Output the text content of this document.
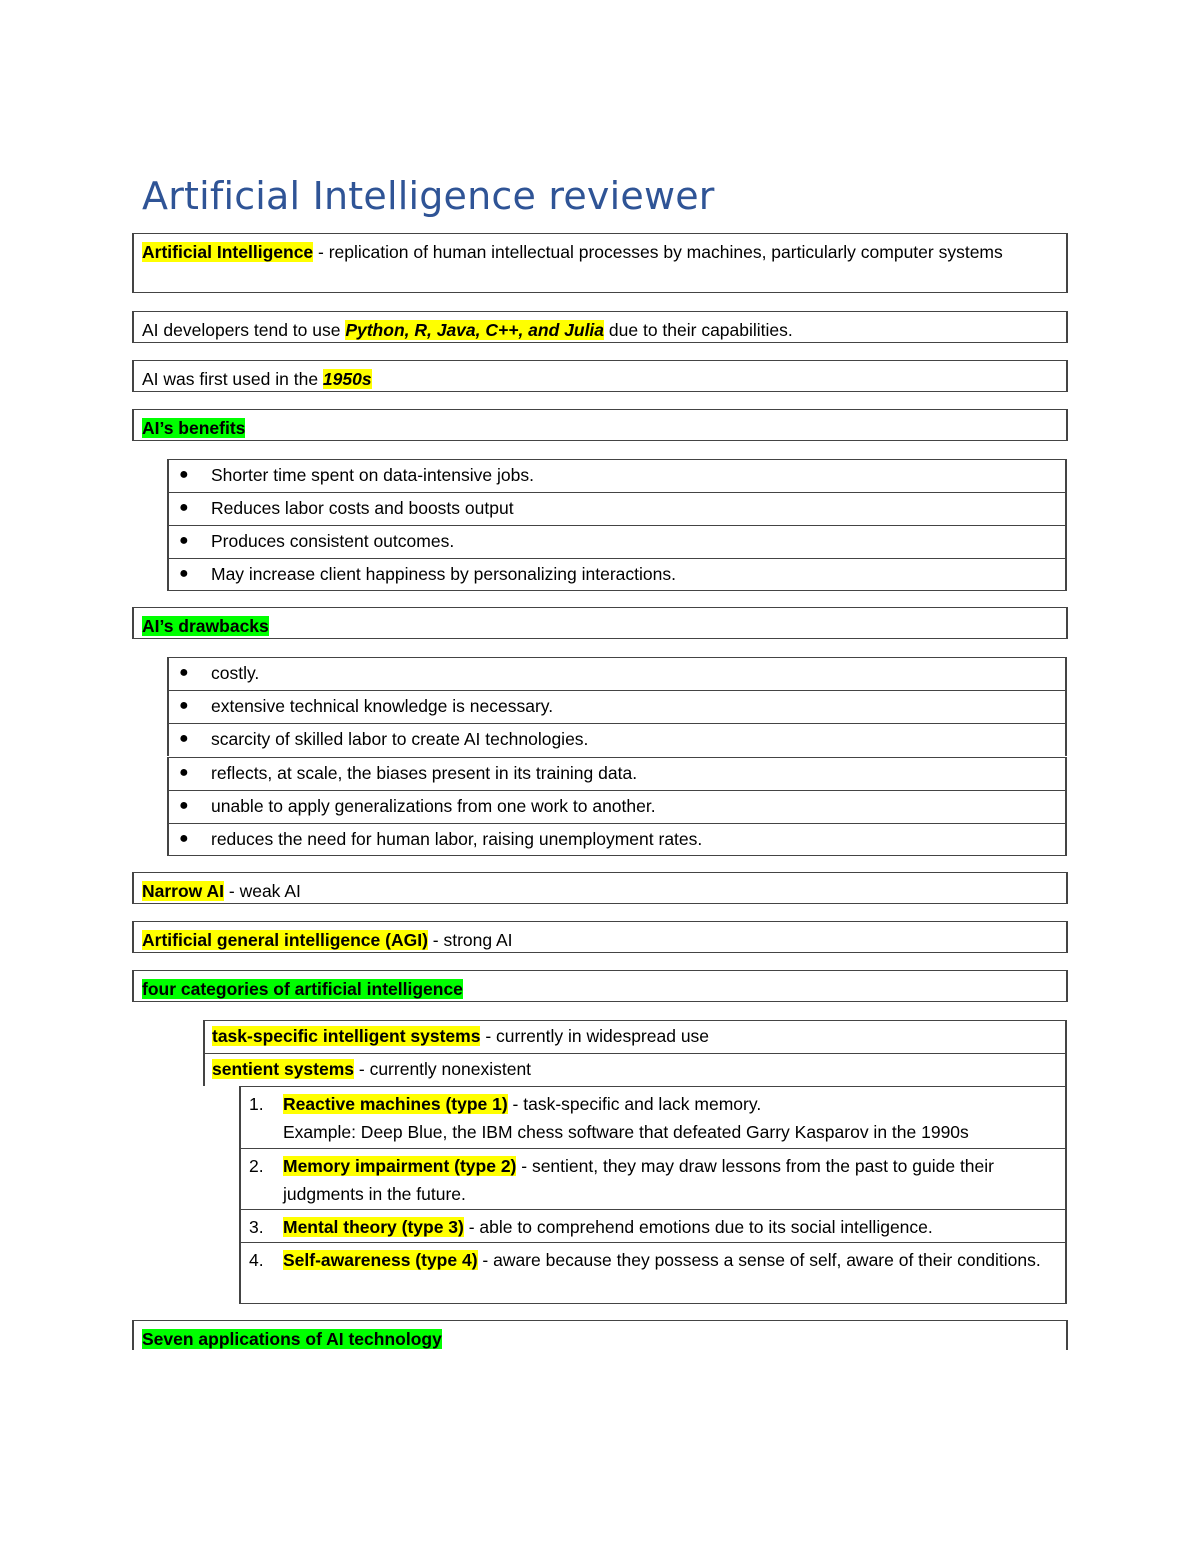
Artificial Intelligence reviewer
Artificial Intelligence - replication of human intellectual processes by machines, particularly computer systems
AI developers tend to use Python, R, Java, C++, and Julia due to their capabilities.
AI was first used in the 1950s
AI’s benefits
● Shorter time spent on data-intensive jobs.
● Reduces labor costs and boosts output
● Produces consistent outcomes.
● May increase client happiness by personalizing interactions.
AI’s drawbacks
● costly.
● extensive technical knowledge is necessary.
● scarcity of skilled labor to create AI technologies.
● reflects, at scale, the biases present in its training data.
● unable to apply generalizations from one work to another.
● reduces the need for human labor, raising unemployment rates.
Narrow AI - weak AI
Artificial general intelligence (AGI) - strong AI
four categories of artificial intelligence
task-specific intelligent systems - currently in widespread use
sentient systems - currently nonexistent
1. Reactive machines (type 1) - task-specific and lack memory.
Example: Deep Blue, the IBM chess software that defeated Garry Kasparov in the 1990s
2. Memory impairment (type 2) - sentient, they may draw lessons from the past to guide their judgments in the future.
3. Mental theory (type 3) - able to comprehend emotions due to its social intelligence.
4. Self-awareness (type 4) - aware because they possess a sense of self, aware of their conditions.
Seven applications of AI technology
